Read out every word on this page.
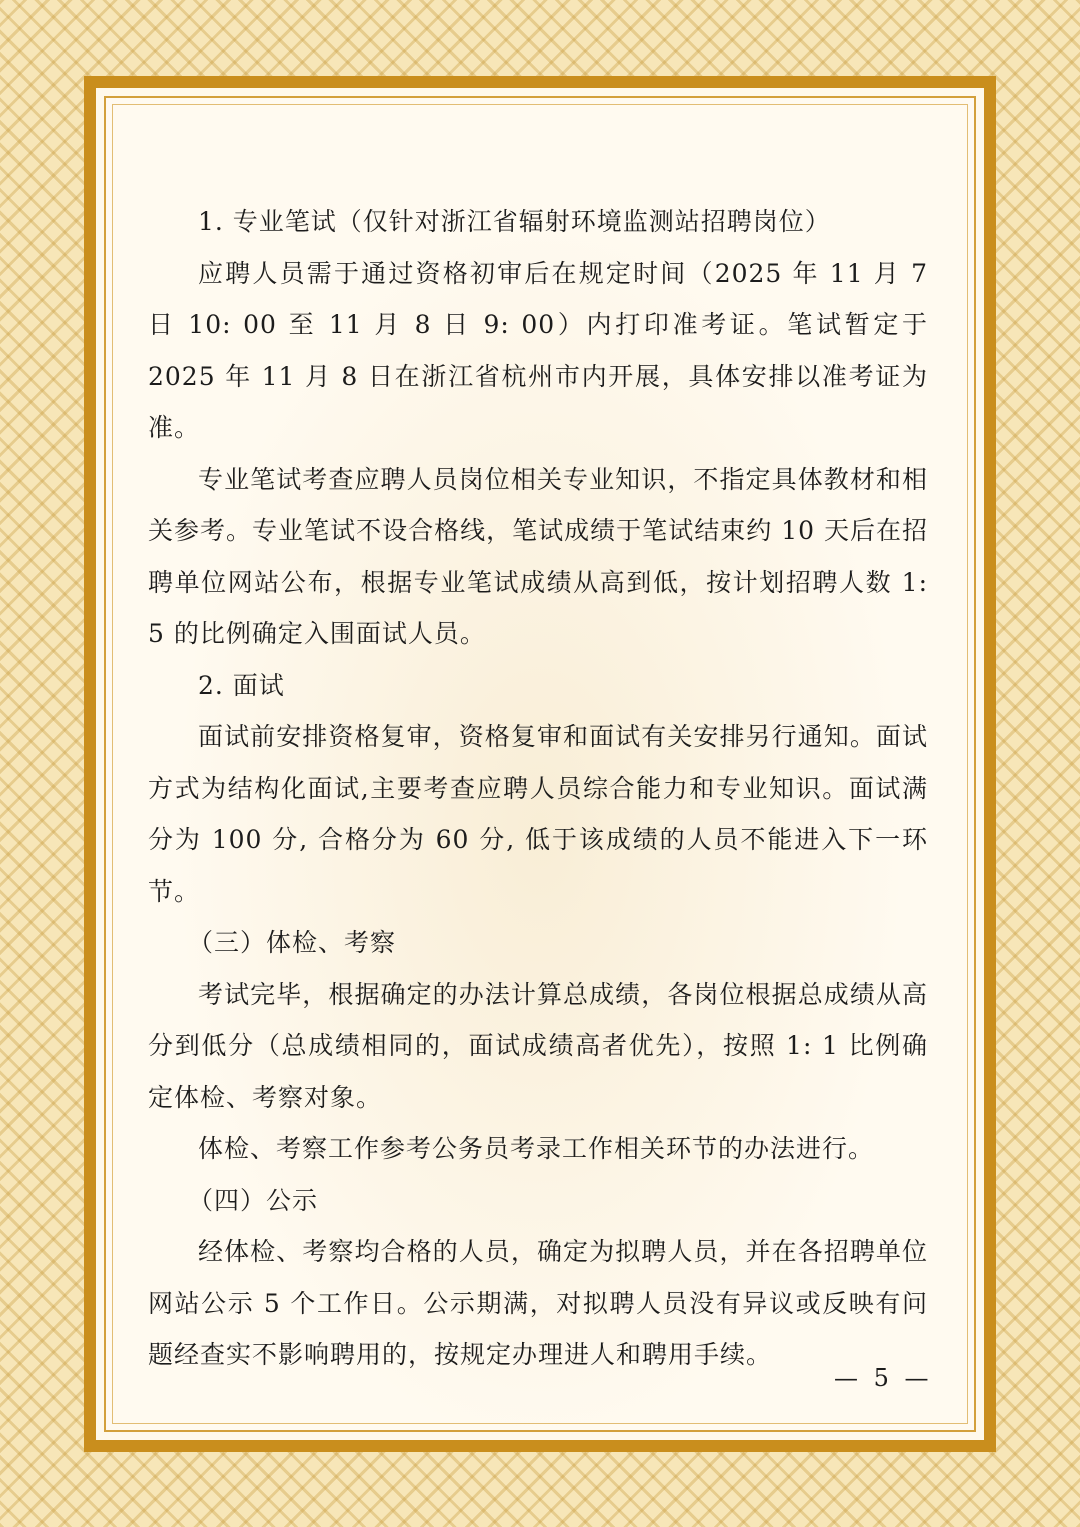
1. 专业笔试（仅针对浙江省辐射环境监测站招聘岗位）

应聘人员需于通过资格初审后在规定时间（2025 年 11 月 7 日 10: 00 至 11 月 8 日 9: 00）内打印准考证。笔试暂定于 2025 年 11 月 8 日在浙江省杭州市内开展，具体安排以准考证为准。

专业笔试考查应聘人员岗位相关专业知识，不指定具体教材和相关参考。专业笔试不设合格线，笔试成绩于笔试结束约 10 天后在招聘单位网站公布，根据专业笔试成绩从高到低，按计划招聘人数 1: 5 的比例确定入围面试人员。

2. 面试

面试前安排资格复审，资格复审和面试有关安排另行通知。面试方式为结构化面试,主要考查应聘人员综合能力和专业知识。面试满分为 100 分, 合格分为 60 分, 低于该成绩的人员不能进入下一环节。

（三）体检、考察

考试完毕，根据确定的办法计算总成绩，各岗位根据总成绩从高分到低分（总成绩相同的，面试成绩高者优先），按照 1: 1 比例确定体检、考察对象。

体检、考察工作参考公务员考录工作相关环节的办法进行。

（四）公示

经体检、考察均合格的人员，确定为拟聘人员，并在各招聘单位网站公示 5 个工作日。公示期满，对拟聘人员没有异议或反映有问题经查实不影响聘用的，按规定办理进人和聘用手续。

— 5 —
